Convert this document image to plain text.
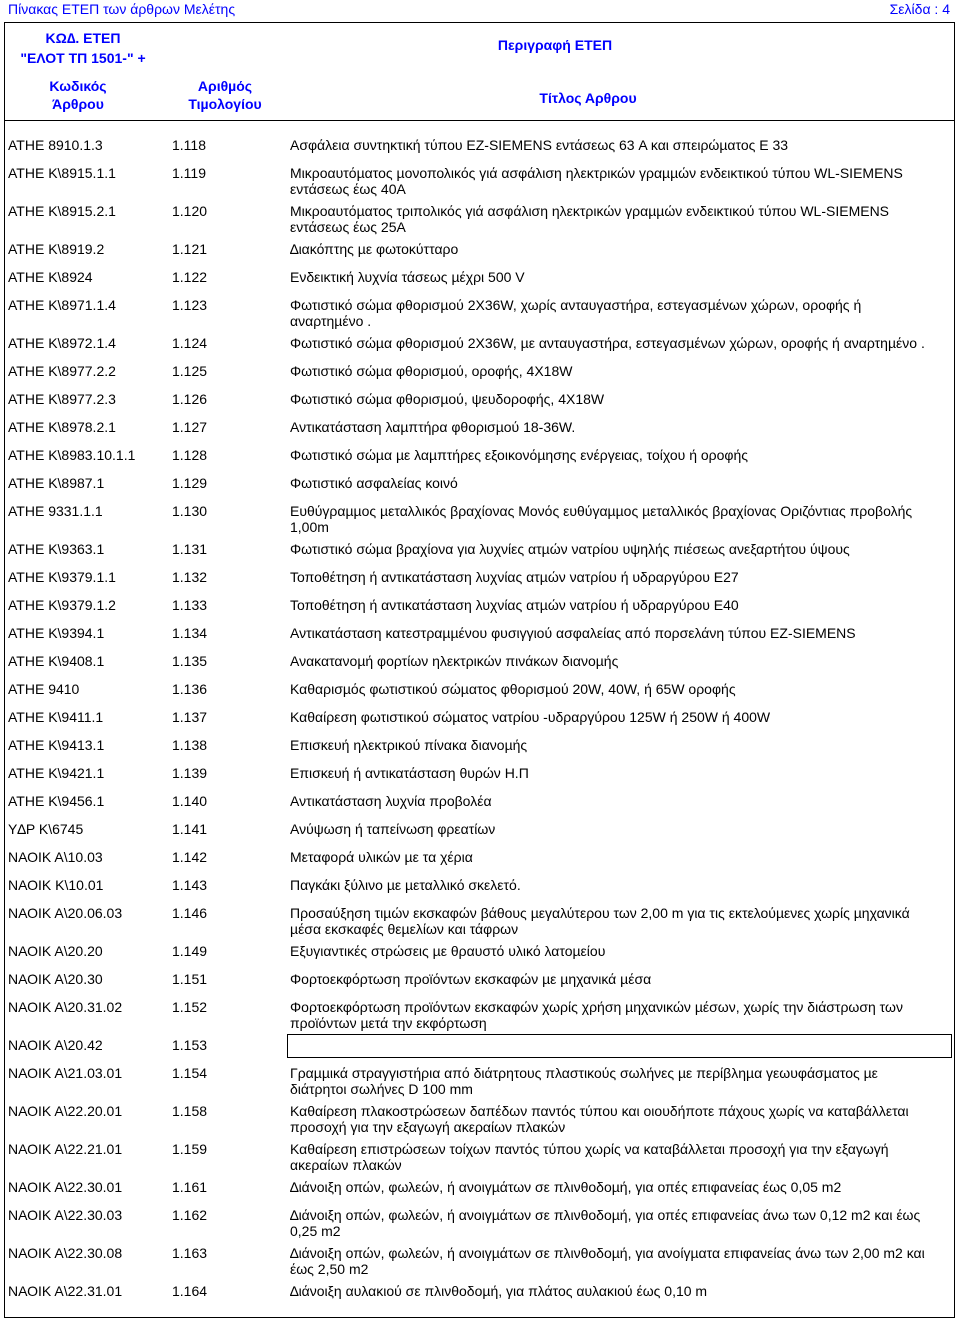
Πίνακας ΕΤΕΠ των άρθρων Μελέτης	Σελίδα : 4
ΚΩ∆. ΕΤΕΠ
"ΕΛΟΤ ΤΠ 1501-" +
Περιγραφή ΕΤΕΠ
Κωδικός
Άρθρου
Αριθµός
Τιµολογίου	Τίτλος Αρθρου
ΑΤΗΕ 8910.1.3	1.118	Ασφάλεια συντηκτική τύπου EZ-SIEMENS εντάσεως 63 A και σπειρώµατος E 33
ΑΤΗΕ Κ\8915.1.1	1.119	Μικροαυτόµατος µονοπολικός γιά ασφάλιση ηλεκτρικών γραµµών ενδεικτικού τύπου WL-SIEMENS
εντάσεως έως 40Α
ΑΤΗΕ Κ\8915.2.1	1.120	Μικροαυτόµατος τριπολικός γιά ασφάλιση ηλεκτρικών γραµµών ενδεικτικού τύπου WL-SIEMENS
εντάσεως έως 25Α
ΑΤΗΕ Κ\8919.2	1.121	∆ιακόπτης µε φωτοκύτταρο
ΑΤΗΕ Κ\8924	1.122	Ενδεικτική λυχνία τάσεως µέχρι 500 V
ΑΤΗΕ Κ\8971.1.4	1.123	Φωτιστικό σώµα φθορισµού 2Χ36W, χωρίς ανταυγαστήρα, εστεγασµένων χώρων, οροφής ή
αναρτηµένο .
ΑΤΗΕ Κ\8972.1.4	1.124	Φωτιστικό σώµα φθορισµού 2Χ36W, µε ανταυγαστήρα, εστεγασµένων χώρων, οροφής ή αναρτηµένο .
ΑΤΗΕ Κ\8977.2.2	1.125	Φωτιστικό σώµα φθορισµού, οροφής, 4Χ18W
ΑΤΗΕ Κ\8977.2.3	1.126	Φωτιστικό σώµα φθορισµού, ψευδοροφής, 4Χ18W
ΑΤΗΕ Κ\8978.2.1	1.127	Αντικατάσταση λαµπτήρα φθορισµού 18-36W.
ΑΤΗΕ Κ\8983.10.1.1	1.128	Φωτιστικό σώµα µε λαµπτήρες εξοικονόµησης ενέργειας, τοίχου ή οροφής
ΑΤΗΕ Κ\8987.1	1.129	Φωτιστικό ασφαλείας κοινό
ΑΤΗΕ 9331.1.1	1.130	Ευθύγραµµος µεταλλικός βραχίονας Μονός ευθύγαµµος µεταλλικός βραχίονας Οριζόντιας προβολής
1,00m
ΑΤΗΕ Κ\9363.1	1.131	Φωτιστικό σώµα βραχίονα για λυχνίες ατµών νατρίου υψηλής πιέσεως ανεξαρτήτου ύψους
ΑΤΗΕ Κ\9379.1.1	1.132	Τοποθέτηση ή αντικατάσταση λυχνίας ατµών νατρίου ή υδραργύρου Ε27
ΑΤΗΕ Κ\9379.1.2	1.133	Τοποθέτηση ή αντικατάσταση λυχνίας ατµών νατρίου ή υδραργύρου Ε40
ΑΤΗΕ Κ\9394.1	1.134	Αντικατάσταση κατεστραµµένου φυσιγγιού ασφαλείας από πορσελάνη τύπου EZ-SIEMENS
ΑΤΗΕ Κ\9408.1	1.135	Ανακατανοµή φορτίων ηλεκτρικών πινάκων διανοµής
ΑΤΗΕ 9410	1.136	Καθαρισµός φωτιστικού σώµατος φθορισµού 20W, 40W, ή 65W οροφής
ΑΤΗΕ Κ\9411.1	1.137	Καθαίρεση φωτιστικού σώµατος νατρίου -υδραργύρου 125W ή 250W ή 400W
ΑΤΗΕ Κ\9413.1	1.138	Επισκευή ηλεκτρικού πίνακα διανοµής
ΑΤΗΕ Κ\9421.1	1.139	Επισκευή ή αντικατάσταση θυρών Η.Π
ΑΤΗΕ Κ\9456.1	1.140	Αντικατάσταση λυχνία προβολέα
Υ∆Ρ Κ\6745	1.141	Ανύψωση ή ταπείνωση φρεατίων
ΝΑΟΙΚ Α\10.03	1.142	Μεταφορά υλικών µε τα χέρια
ΝΑΟΙΚ Κ\10.01	1.143	Παγκάκι ξύλινο µε µεταλλικό σκελετό.
ΝΑΟΙΚ Α\20.06.03	1.146	Προσαύξηση τιµών εκσκαφών βάθους µεγαλύτερου των 2,00 m για τις εκτελούµενες χωρίς µηχανικά
µέσα εκσκαφές θεµελίων και τάφρων
ΝΑΟΙΚ Α\20.20	1.149	Εξυγιαντικές στρώσεις µε θραυστό υλικό λατοµείου
ΝΑΟΙΚ Α\20.30	1.151	Φορτοεκφόρτωση προϊόντων εκσκαφών µε µηχανικά µέσα
ΝΑΟΙΚ Α\20.31.02	1.152	Φορτοεκφόρτωση προϊόντων εκσκαφών χωρίς χρήση µηχανικών µέσων, χωρίς την διάστρωση των
προϊόντων µετά την εκφόρτωση
ΝΑΟΙΚ Α\20.42	1.153
ΝΑΟΙΚ Α\21.03.01	1.154	Γραµµικά στραγγιστήρια από διάτρητους πλαστικούς σωλήνες µε περίβληµα γεωυφάσµατος µε
διάτρητοι σωλήνες D 100 mm
ΝΑΟΙΚ Α\22.20.01	1.158	Καθαίρεση πλακοστρώσεων δαπέδων παντός τύπου και οιουδήποτε πάχους χωρίς να καταβάλλεται
προσοχή για την εξαγωγή ακεραίων πλακών
ΝΑΟΙΚ Α\22.21.01	1.159	Καθαίρεση επιστρώσεων τοίχων παντός τύπου χωρίς να καταβάλλεται προσοχή για την εξαγωγή
ακεραίων πλακών
ΝΑΟΙΚ Α\22.30.01	1.161	∆ιάνοιξη οπών, φωλεών, ή ανοιγµάτων σε πλινθοδοµή, για οπές επιφανείας έως 0,05 m2
ΝΑΟΙΚ Α\22.30.03	1.162	∆ιάνοιξη οπών, φωλεών, ή ανοιγµάτων σε πλινθοδοµή, για οπές επιφανείας άνω των 0,12 m2 και έως
0,25 m2
ΝΑΟΙΚ Α\22.30.08	1.163	∆ιάνοιξη οπών, φωλεών, ή ανοιγµάτων σε πλινθοδοµή, για ανοίγµατα επιφανείας άνω των 2,00 m2 και
έως 2,50 m2
ΝΑΟΙΚ Α\22.31.01	1.164	∆ιάνοιξη αυλακιού σε πλινθοδοµή, για πλάτος αυλακιού έως 0,10 m
